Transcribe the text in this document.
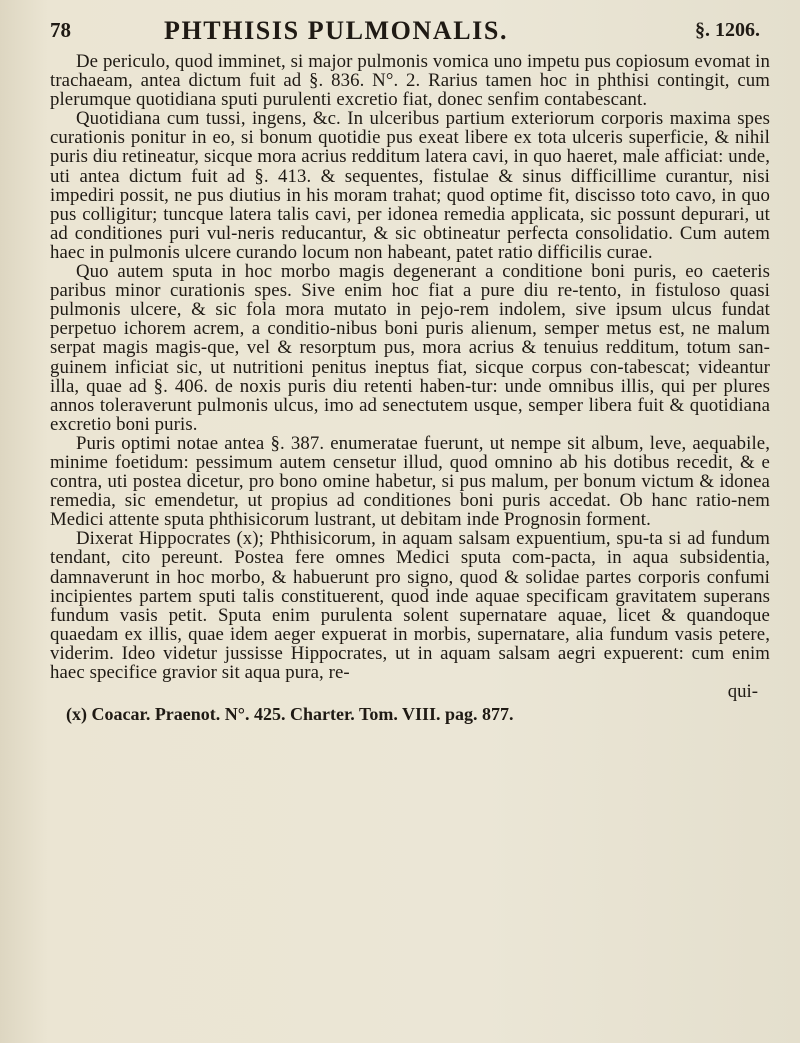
78	PHTHISIS PULMONALIS.	§. 1206.

De periculo, quod imminet, si major pulmonis vomica uno impetu pus copiosum evomat in trachaeam, antea dictum fuit ad §. 836. N°. 2. Rarius tamen hoc in phthisi contingit, cum plerumque quotidiana sputi purulenti excretio fiat, donec senfim contabescant.

Quotidiana cum tussi, ingens, &c. In ulceribus partium exteriorum corporis maxima spes curationis ponitur in eo, si bonum quotidie pus exeat libere ex tota ulceris superficie, & nihil puris diu retineatur, sicque mora acrius redditum latera cavi, in quo haeret, male afficiat: unde, uti antea dictum fuit ad §. 413. & sequentes, fistulae & sinus difficillime curantur, nisi impediri possit, ne pus diutius in his moram trahat; quod optime fit, discisso toto cavo, in quo pus colligitur; tuncque latera talis cavi, per idonea remedia applicata, sic possunt depurari, ut ad conditiones puri vul-neris reducantur, & sic obtineatur perfecta consolidatio. Cum autem haec in pulmonis ulcere curando locum non habeant, patet ratio difficilis curae.

Quo autem sputa in hoc morbo magis degenerant a conditione boni puris, eo caeteris paribus minor curationis spes. Sive enim hoc fiat a pure diu re-tento, in fistuloso quasi pulmonis ulcere, & sic fola mora mutato in pejo-rem indolem, sive ipsum ulcus fundat perpetuo ichorem acrem, a conditio-nibus boni puris alienum, semper metus est, ne malum serpat magis magis-que, vel & resorptum pus, mora acrius & tenuius redditum, totum san-guinem inficiat sic, ut nutritioni penitus ineptus fiat, sicque corpus con-tabescat; videantur illa, quae ad §. 406. de noxis puris diu retenti haben-tur: unde omnibus illis, qui per plures annos toleraverunt pulmonis ulcus, imo ad senectutem usque, semper libera fuit & quotidiana excretio boni puris.

Puris optimi notae antea §. 387. enumeratae fuerunt, ut nempe sit album, leve, aequabile, minime foetidum: pessimum autem censetur illud, quod omnino ab his dotibus recedit, & e contra, uti postea dicetur, pro bono omine habetur, si pus malum, per bonum victum & idonea remedia, sic emendetur, ut propius ad conditiones boni puris accedat. Ob hanc ratio-nem Medici attente sputa phthisicorum lustrant, ut debitam inde Prognosin forment.

Dixerat Hippocrates (x); Phthisicorum, in aquam salsam expuentium, spu-ta si ad fundum tendant, cito pereunt. Postea fere omnes Medici sputa com-pacta, in aqua subsidentia, damnaverunt in hoc morbo, & habuerunt pro signo, quod & solidae partes corporis confumi incipientes partem sputi talis constituerent, quod inde aquae specificam gravitatem superans fundum vasis petit. Sputa enim purulenta solent supernatare aquae, licet & quandoque quaedam ex illis, quae idem aeger expuerat in morbis, supernatare, alia fundum vasis petere, viderim. Ideo videtur jussisse Hippocrates, ut in aquam salsam aegri expuerent: cum enim haec specifice gravior sit aqua pura, re-

qui-
(x) Coacar. Praenot. N°. 425. Charter. Tom. VIII. pag. 877.
